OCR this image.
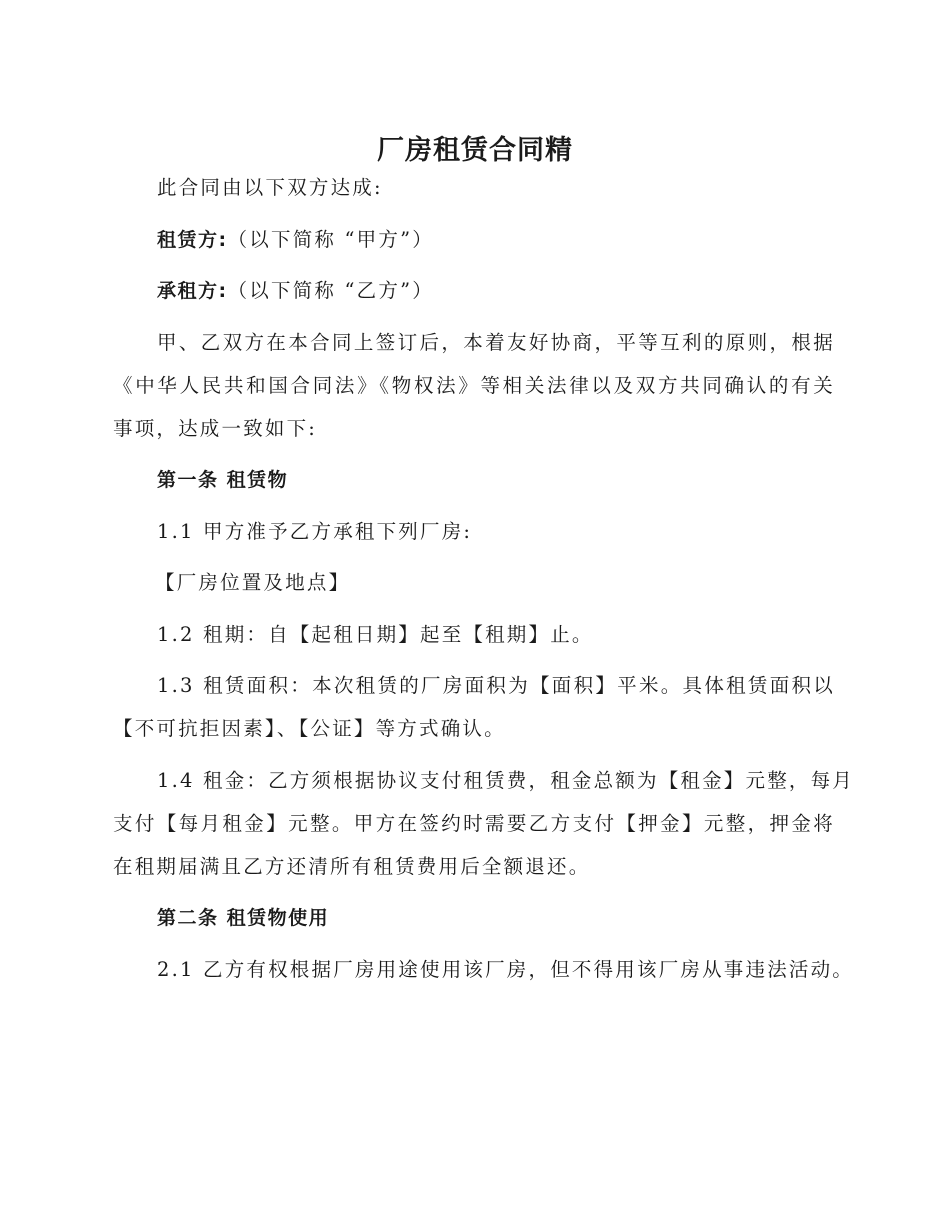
厂房租赁合同精

此合同由以下双方达成:

租赁方:（以下简称 “甲方”）

承租方:（以下简称 “乙方”）

甲、乙双方在本合同上签订后，本着友好协商，平等互利的原则，根据

《中华人民共和国合同法》《物权法》等相关法律以及双方共同确认的有关

事项，达成一致如下:

第一条 租赁物

1.1 甲方准予乙方承租下列厂房:

【厂房位置及地点】

1.2 租期：自【起租日期】起至【租期】止。

1.3 租赁面积：本次租赁的厂房面积为【面积】平米。具体租赁面积以

【不可抗拒因素】、【公证】等方式确认。

1.4 租金：乙方须根据协议支付租赁费，租金总额为【租金】元整，每月

支付【每月租金】元整。甲方在签约时需要乙方支付【押金】元整，押金将

在租期届满且乙方还清所有租赁费用后全额退还。

第二条 租赁物使用

2.1 乙方有权根据厂房用途使用该厂房，但不得用该厂房从事违法活动。
